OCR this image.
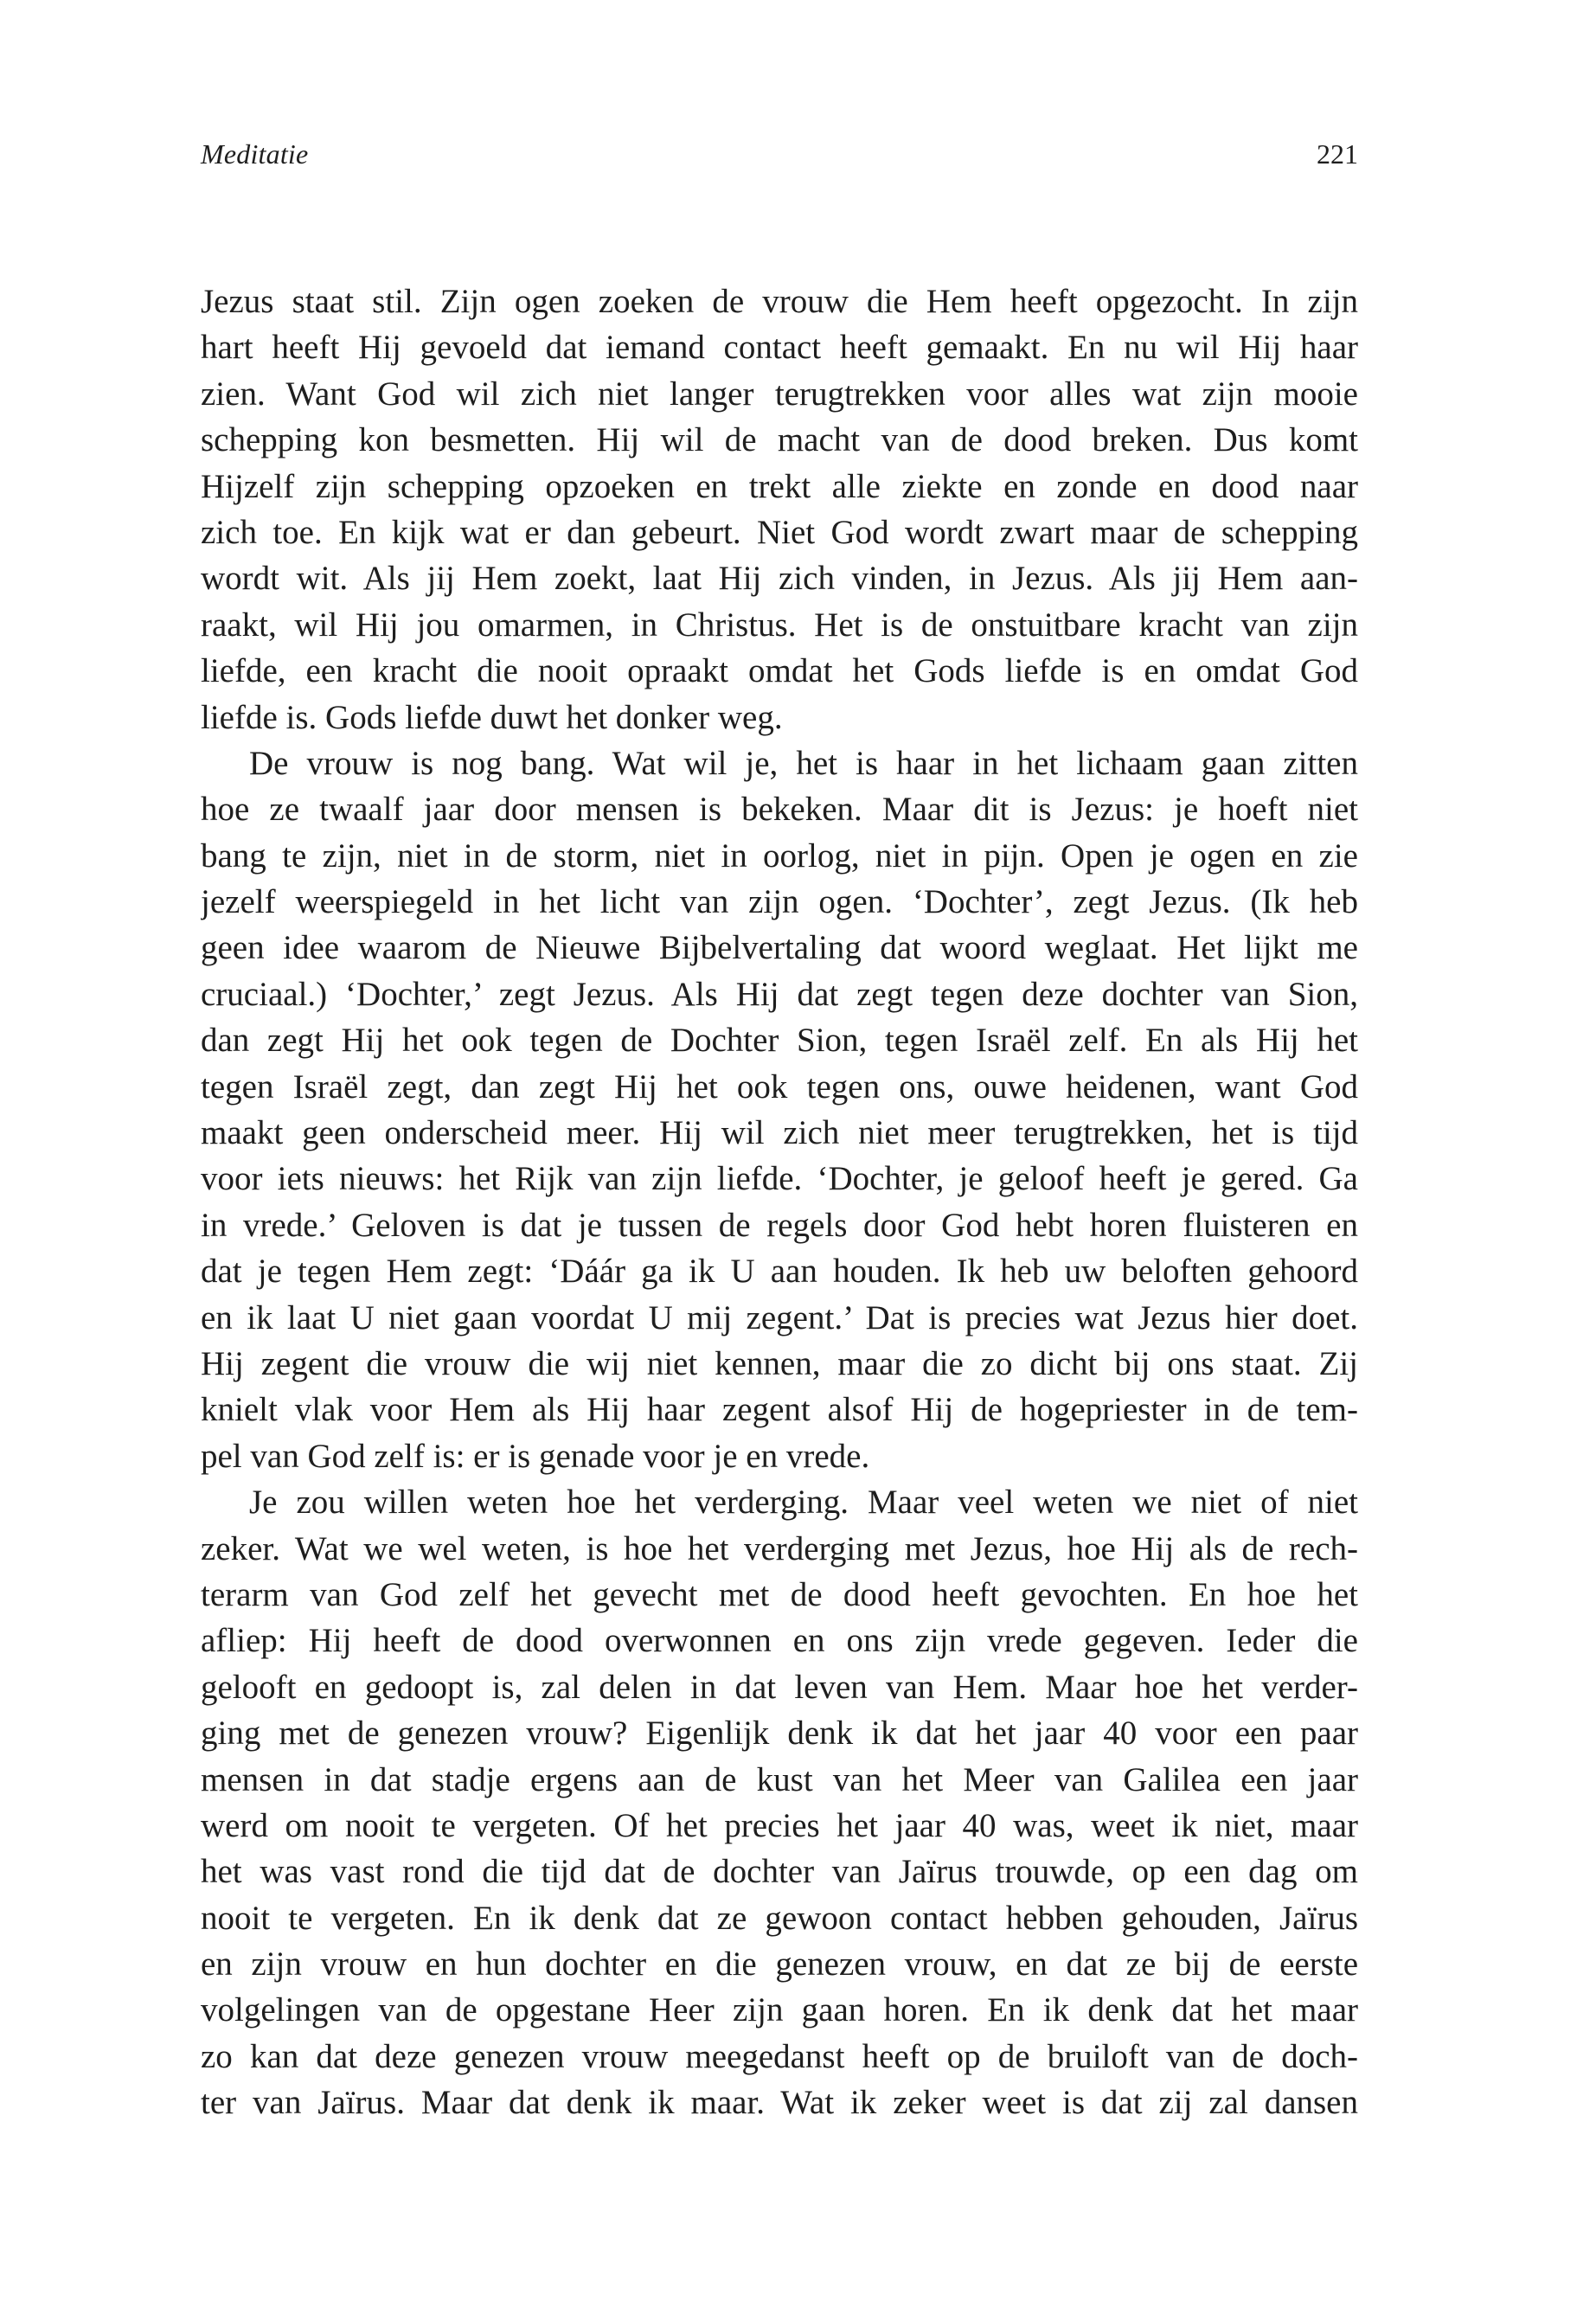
Meditatie	221
Jezus staat stil. Zijn ogen zoeken de vrouw die Hem heeft opgezocht. In zijn
hart heeft Hij gevoeld dat iemand contact heeft gemaakt. En nu wil Hij haar
zien. Want God wil zich niet langer terugtrekken voor alles wat zijn mooie
schepping kon besmetten. Hij wil de macht van de dood breken. Dus komt
Hijzelf zijn schepping opzoeken en trekt alle ziekte en zonde en dood naar
zich toe. En kijk wat er dan gebeurt. Niet God wordt zwart maar de schepping
wordt wit. Als jij Hem zoekt, laat Hij zich vinden, in Jezus. Als jij Hem aan-
raakt, wil Hij jou omarmen, in Christus. Het is de onstuitbare kracht van zijn
liefde, een kracht die nooit opraakt omdat het Gods liefde is en omdat God
liefde is. Gods liefde duwt het donker weg.
De vrouw is nog bang. Wat wil je, het is haar in het lichaam gaan zitten
hoe ze twaalf jaar door mensen is bekeken. Maar dit is Jezus: je hoeft niet
bang te zijn, niet in de storm, niet in oorlog, niet in pijn. Open je ogen en zie
jezelf weerspiegeld in het licht van zijn ogen. ‘Dochter’, zegt Jezus. (Ik heb
geen idee waarom de Nieuwe Bijbelvertaling dat woord weglaat. Het lijkt me
cruciaal.) ‘Dochter,’ zegt Jezus. Als Hij dat zegt tegen deze dochter van Sion,
dan zegt Hij het ook tegen de Dochter Sion, tegen Israël zelf. En als Hij het
tegen Israël zegt, dan zegt Hij het ook tegen ons, ouwe heidenen, want God
maakt geen onderscheid meer. Hij wil zich niet meer terugtrekken, het is tijd
voor iets nieuws: het Rijk van zijn liefde. ‘Dochter, je geloof heeft je gered. Ga
in vrede.’ Geloven is dat je tussen de regels door God hebt horen fluisteren en
dat je tegen Hem zegt: ‘Dáár ga ik U aan houden. Ik heb uw beloften gehoord
en ik laat U niet gaan voordat U mij zegent.’ Dat is precies wat Jezus hier doet.
Hij zegent die vrouw die wij niet kennen, maar die zo dicht bij ons staat. Zij
knielt vlak voor Hem als Hij haar zegent alsof Hij de hogepriester in de tem-
pel van God zelf is: er is genade voor je en vrede.
Je zou willen weten hoe het verderging. Maar veel weten we niet of niet
zeker. Wat we wel weten, is hoe het verderging met Jezus, hoe Hij als de rech-
terarm van God zelf het gevecht met de dood heeft gevochten. En hoe het
afliep: Hij heeft de dood overwonnen en ons zijn vrede gegeven. Ieder die
gelooft en gedoopt is, zal delen in dat leven van Hem. Maar hoe het verder-
ging met de genezen vrouw? Eigenlijk denk ik dat het jaar 40 voor een paar
mensen in dat stadje ergens aan de kust van het Meer van Galilea een jaar
werd om nooit te vergeten. Of het precies het jaar 40 was, weet ik niet, maar
het was vast rond die tijd dat de dochter van Jaïrus trouwde, op een dag om
nooit te vergeten. En ik denk dat ze gewoon contact hebben gehouden, Jaïrus
en zijn vrouw en hun dochter en die genezen vrouw, en dat ze bij de eerste
volgelingen van de opgestane Heer zijn gaan horen. En ik denk dat het maar
zo kan dat deze genezen vrouw meegedanst heeft op de bruiloft van de doch-
ter van Jaïrus. Maar dat denk ik maar. Wat ik zeker weet is dat zij zal dansen
